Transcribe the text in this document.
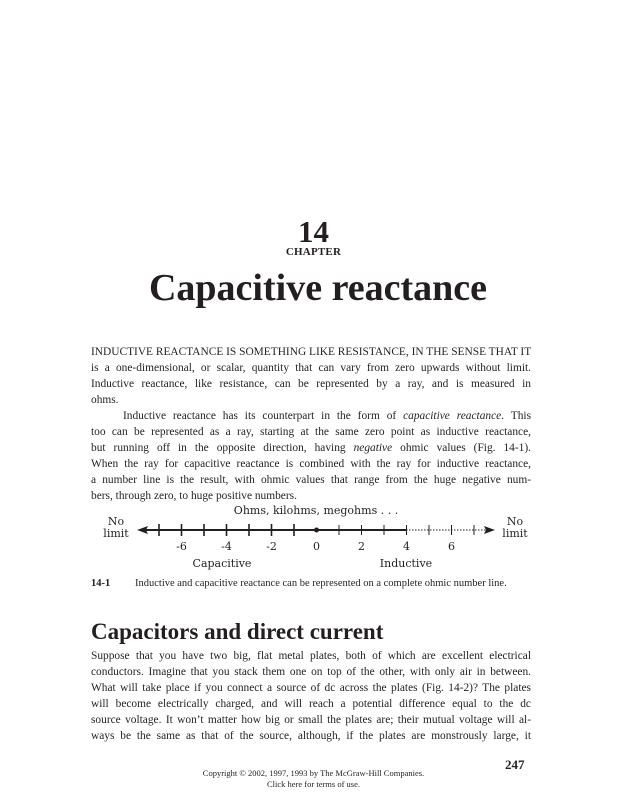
14
CHAPTER
Capacitive reactance
INDUCTIVE REACTANCE IS SOMETHING LIKE RESISTANCE, IN THE SENSE THAT IT
is a one-dimensional, or scalar, quantity that can vary from zero upwards without limit.
Inductive reactance, like resistance, can be represented by a ray, and is measured in
ohms.
Inductive reactance has its counterpart in the form of capacitive reactance. This
too can be represented as a ray, starting at the same zero point as inductive reactance,
but running off in the opposite direction, having negative ohmic values (Fig. 14-1).
When the ray for capacitive reactance is combined with the ray for inductive reactance,
a number line is the result, with ohmic values that range from the huge negative num-
bers, through zero, to huge positive numbers.
Ohms, kilohms, megohms . . .
No
limit
No
limit
-6	-4	-2	0	2	4	6
Capacitive	Inductive
14-1 Inductive and capacitive reactance can be represented on a complete ohmic number line.
Capacitors and direct current
Suppose that you have two big, flat metal plates, both of which are excellent electrical
conductors. Imagine that you stack them one on top of the other, with only air in between.
What will take place if you connect a source of dc across the plates (Fig. 14-2)? The plates
will become electrically charged, and will reach a potential difference equal to the dc
source voltage. It won’t matter how big or small the plates are; their mutual voltage will al-
ways be the same as that of the source, although, if the plates are monstrously large, it
247
Copyright © 2002, 1997, 1993 by The McGraw-Hill Companies.
Click here for terms of use.
